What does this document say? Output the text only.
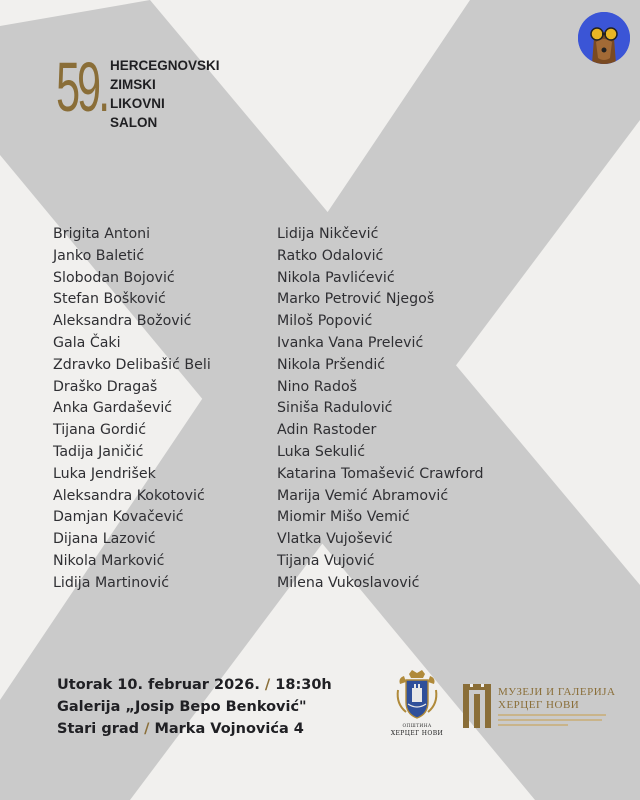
59. HERCEGNOVSKI
ZIMSKI
LIKOVNI
SALON
Brigita Antoni
Janko Baletić
Slobodan Bojović
Stefan Bošković
Aleksandra Božović
Gala Čaki
Zdravko Delibašić Beli
Draško Dragaš
Anka Gardašević
Tijana Gordić
Tadija Janičić
Luka Jendrišek
Aleksandra Kokotović
Damjan Kovačević
Dijana Lazović
Nikola Marković
Lidija Martinović
Lidija Nikčević
Ratko Odalović
Nikola Pavlićević
Marko Petrović Njegoš
Miloš Popović
Ivanka Vana Prelević
Nikola Pršendić
Nino Radoš
Siniša Radulović
Adin Rastoder
Luka Sekulić
Katarina Tomašević Crawford
Marija Vemić Abramović
Miomir Mišo Vemić
Vlatka Vujošević
Tijana Vujović
Milena Vukoslavović
Utorak 10. februar 2026. / 18:30h
Galerija „Josip Bepo Benković"
Stari grad / Marka Vojnovića 4	ОПШТИНА
ХЕРЦЕГ НОВИ
МУЗЕЈИ И ГАЛЕРИЈА
ХЕРЦЕГ НОВИ
